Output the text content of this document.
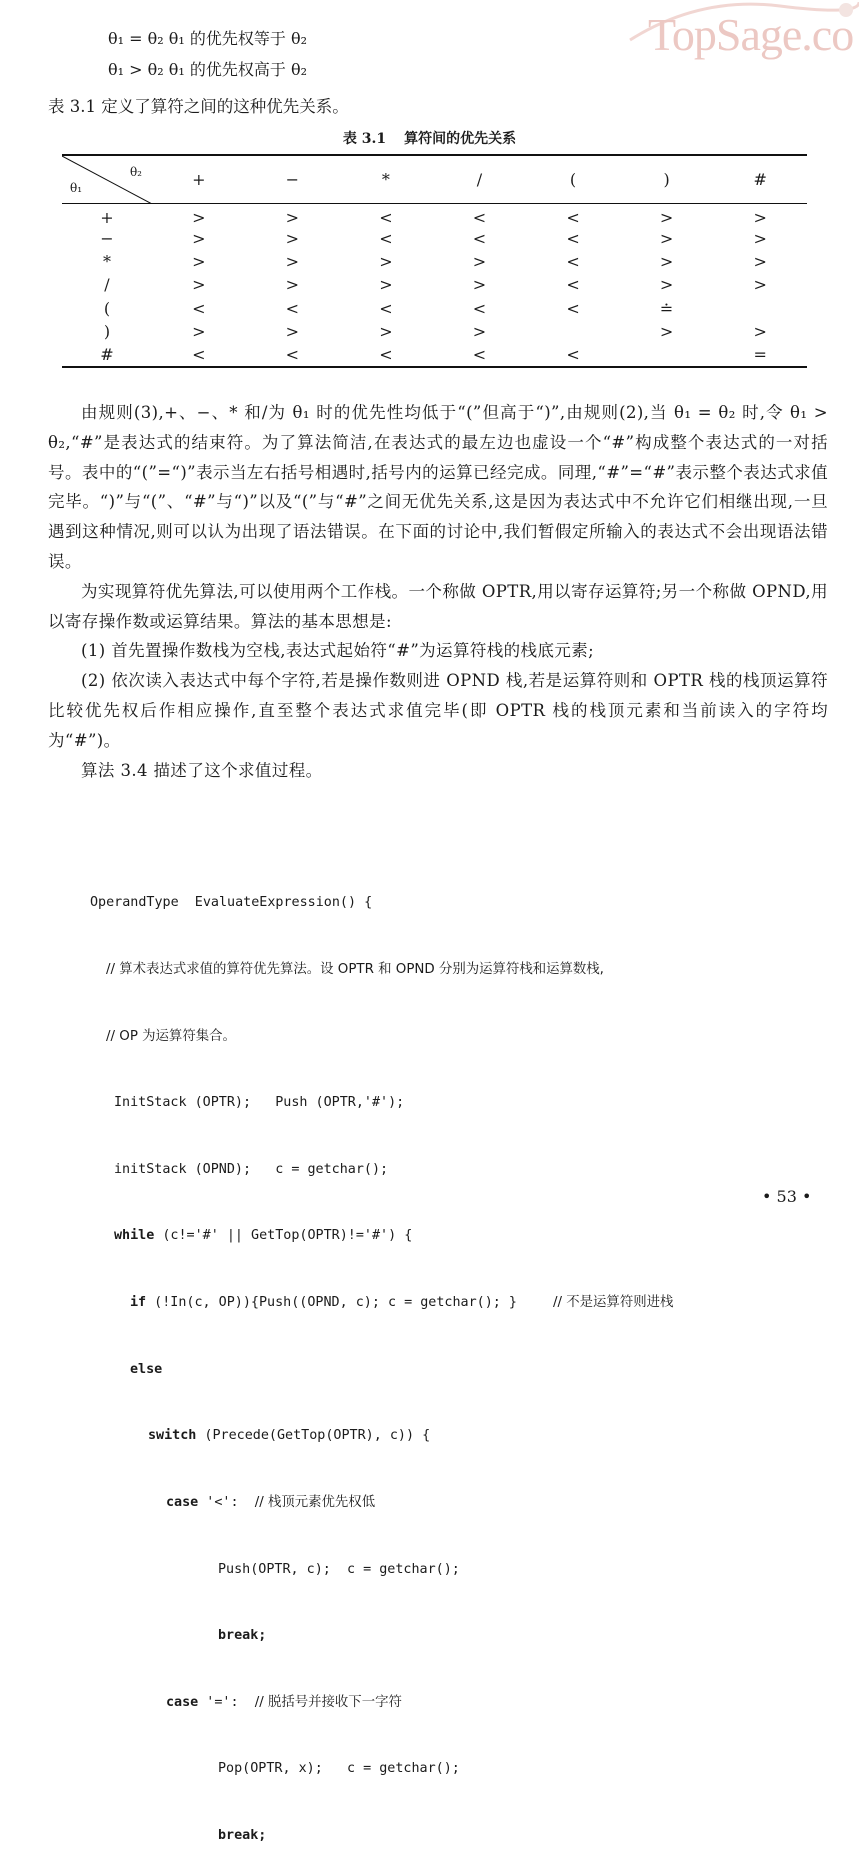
TopSage.co
θ₁ = θ₂ θ₁ 的优先权等于 θ₂
θ₁ > θ₂ θ₁ 的优先权高于 θ₂
表 3.1 定义了算符之间的这种优先关系。
表 3.1 算符间的优先关系
θ₂
θ₁	+	−	*	/	(	)	#
+	>	>	<	<	<	>	>
−	>	>	<	<	<	>	>
*	>	>	>	>	<	>	>
/	>	>	>	>	<	>	>
(	<	<	<	<	<	≐	
)	>	>	>	>		>	>
#	<	<	<	<	<		=

由规则(3),+、−、* 和/为 θ₁ 时的优先性均低于“(”但高于“)”,由规则(2),当 θ₁ = θ₂ 时,令 θ₁ > θ₂,“#”是表达式的结束符。为了算法简洁,在表达式的最左边也虚设一个“#”构成整个表达式的一对括号。表中的“(”=“)”表示当左右括号相遇时,括号内的运算已经完成。同理,“#”=“#”表示整个表达式求值完毕。“)”与“(”、“#”与“)”以及“(”与“#”之间无优先关系,这是因为表达式中不允许它们相继出现,一旦遇到这种情况,则可以认为出现了语法错误。在下面的讨论中,我们暂假定所输入的表达式不会出现语法错误。

为实现算符优先算法,可以使用两个工作栈。一个称做 OPTR,用以寄存运算符;另一个称做 OPND,用以寄存操作数或运算结果。算法的基本思想是:

(1) 首先置操作数栈为空栈,表达式起始符“#”为运算符栈的栈底元素;

(2) 依次读入表达式中每个字符,若是操作数则进 OPND 栈,若是运算符则和 OPTR 栈的栈顶运算符比较优先权后作相应操作,直至整个表达式求值完毕(即 OPTR 栈的栈顶元素和当前读入的字符均为“#”)。

算法 3.4 描述了这个求值过程。

OperandType  EvaluateExpression() {

// 算术表达式求值的算符优先算法。设 OPTR 和 OPND 分别为运算符栈和运算数栈,

// OP 为运算符集合。

InitStack (OPTR);   Push (OPTR,'#');

initStack (OPND);   c = getchar();

while (c!='#' || GetTop(OPTR)!='#') {

if (!In(c, OP)){Push((OPND, c); c = getchar(); }	// 不是运算符则进栈

else

switch (Precede(GetTop(OPTR), c)) {

case '<':  // 栈顶元素优先权低

Push(OPTR, c);  c = getchar();

break;

case '=':  // 脱括号并接收下一字符

Pop(OPTR, x);   c = getchar();

break;

• 53 •
